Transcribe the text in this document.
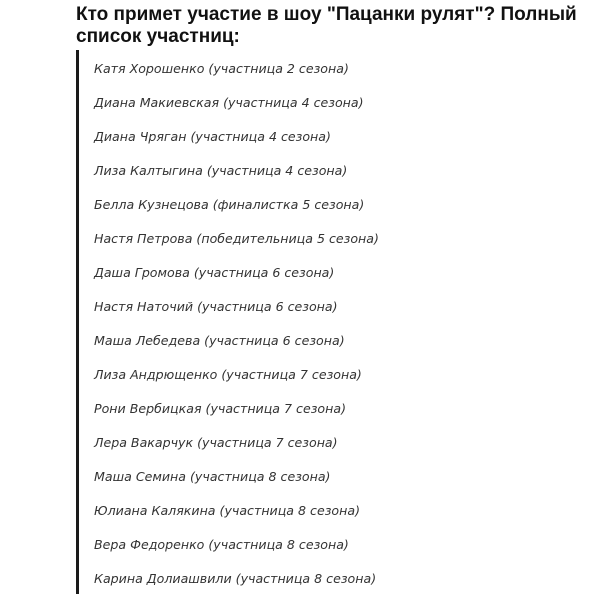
Кто примет участие в шоу "Пацанки рулят"? Полный список участниц:
Катя Хорошенко (участница 2 сезона)
Диана Макиевская (участница 4 сезона)
Диана Чряган (участница 4 сезона)
Лиза Калтыгина (участница 4 сезона)
Белла Кузнецова (финалистка 5 сезона)
Настя Петрова (победительница 5 сезона)
Даша Громова (участница 6 сезона)
Настя Наточий (участница 6 сезона)
Маша Лебедева (участница 6 сезона)
Лиза Андрющенко (участница 7 сезона)
Рони Вербицкая (участница 7 сезона)
Лера Вакарчук (участница 7 сезона)
Маша Семина (участница 8 сезона)
Юлиана Калякина (участница 8 сезона)
Вера Федоренко (участница 8 сезона)
Карина Долиашвили (участница 8 сезона)
